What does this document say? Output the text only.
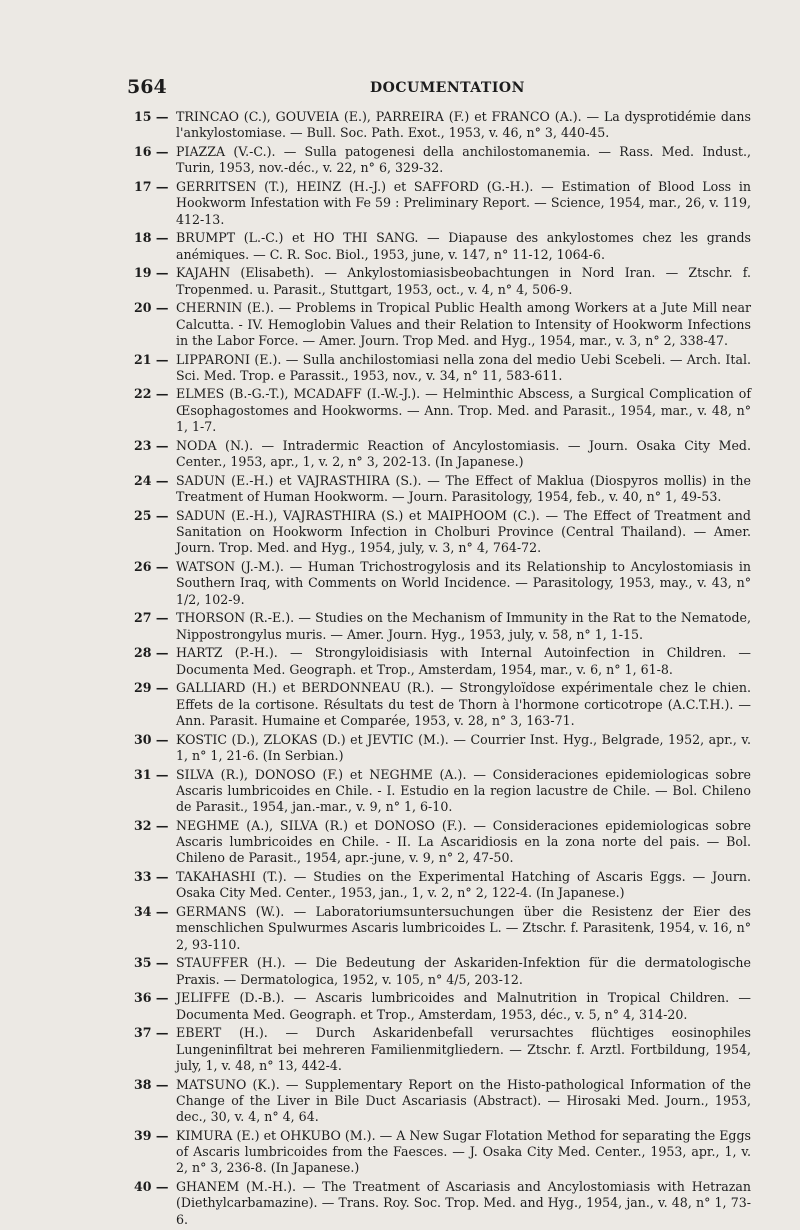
564	DOCUMENTATION
15 — TRINCAO (C.), GOUVEIA (E.), PARREIRA (F.) et FRANCO (A.). — La dysprotidémie dans l'ankylostomiase. — Bull. Soc. Path. Exot., 1953, v. 46, n° 3, 440-45.
16 — PIAZZA (V.-C.). — Sulla patogenesi della anchilostomanemia. — Rass. Med. Indust., Turin, 1953, nov.-déc., v. 22, n° 6, 329-32.
17 — GERRITSEN (T.), HEINZ (H.-J.) et SAFFORD (G.-H.). — Estimation of Blood Loss in Hookworm Infestation with Fe 59 : Preliminary Report. — Science, 1954, mar., 26, v. 119, 412-13.
18 — BRUMPT (L.-C.) et HO THI SANG. — Diapause des ankylostomes chez les grands anémiques. — C. R. Soc. Biol., 1953, june, v. 147, n° 11-12, 1064-6.
19 — KAJAHN (Elisabeth). — Ankylostomiasisbeobachtungen in Nord Iran. — Ztschr. f. Tropenmed. u. Parasit., Stuttgart, 1953, oct., v. 4, n° 4, 506-9.
20 — CHERNIN (E.). — Problems in Tropical Public Health among Workers at a Jute Mill near Calcutta. - IV. Hemoglobin Values and their Relation to Intensity of Hookworm Infections in the Labor Force. — Amer. Journ. Trop Med. and Hyg., 1954, mar., v. 3, n° 2, 338-47.
21 — LIPPARONI (E.). — Sulla anchilostomiasi nella zona del medio Uebi Scebeli. — Arch. Ital. Sci. Med. Trop. e Parassit., 1953, nov., v. 34, n° 11, 583-611.
22 — ELMES (B.-G.-T.), MCADAFF (I.-W.-J.). — Helminthic Abscess, a Surgical Complication of Œsophagostomes and Hookworms. — Ann. Trop. Med. and Parasit., 1954, mar., v. 48, n° 1, 1-7.
23 — NODA (N.). — Intradermic Reaction of Ancylostomiasis. — Journ. Osaka City Med. Center., 1953, apr., 1, v. 2, n° 3, 202-13. (In Japanese.)
24 — SADUN (E.-H.) et VAJRASTHIRA (S.). — The Effect of Maklua (Diospyros mollis) in the Treatment of Human Hookworm. — Journ. Parasitology, 1954, feb., v. 40, n° 1, 49-53.
25 — SADUN (E.-H.), VAJRASTHIRA (S.) et MAIPHOOM (C.). — The Effect of Treatment and Sanitation on Hookworm Infection in Cholburi Province (Central Thailand). — Amer. Journ. Trop. Med. and Hyg., 1954, july, v. 3, n° 4, 764-72.
26 — WATSON (J.-M.). — Human Trichostrogylosis and its Relationship to Ancylostomiasis in Southern Iraq, with Comments on World Incidence. — Parasitology, 1953, may., v. 43, n° 1/2, 102-9.
27 — THORSON (R.-E.). — Studies on the Mechanism of Immunity in the Rat to the Nematode, Nippostrongylus muris. — Amer. Journ. Hyg., 1953, july, v. 58, n° 1, 1-15.
28 — HARTZ (P.-H.). — Strongyloidisiasis with Internal Autoinfection in Children. — Documenta Med. Geograph. et Trop., Amsterdam, 1954, mar., v. 6, n° 1, 61-8.
29 — GALLIARD (H.) et BERDONNEAU (R.). — Strongyloïdose expérimentale chez le chien. Effets de la cortisone. Résultats du test de Thorn à l'hormone corticotrope (A.C.T.H.). — Ann. Parasit. Humaine et Comparée, 1953, v. 28, n° 3, 163-71.
30 — KOSTIC (D.), ZLOKAS (D.) et JEVTIC (M.). — Courrier Inst. Hyg., Belgrade, 1952, apr., v. 1, n° 1, 21-6. (In Serbian.)
31 — SILVA (R.), DONOSO (F.) et NEGHME (A.). — Consideraciones epidemiologicas sobre Ascaris lumbricoides en Chile. - I. Estudio en la region lacustre de Chile. — Bol. Chileno de Parasit., 1954, jan.-mar., v. 9, n° 1, 6-10.
32 — NEGHME (A.), SILVA (R.) et DONOSO (F.). — Consideraciones epidemiologicas sobre Ascaris lumbricoides en Chile. - II. La Ascaridiosis en la zona norte del pais. — Bol. Chileno de Parasit., 1954, apr.-june, v. 9, n° 2, 47-50.
33 — TAKAHASHI (T.). — Studies on the Experimental Hatching of Ascaris Eggs. — Journ. Osaka City Med. Center., 1953, jan., 1, v. 2, n° 2, 122-4. (In Japanese.)
34 — GERMANS (W.). — Laboratoriumsuntersuchungen über die Resistenz der Eier des menschlichen Spulwurmes Ascaris lumbricoides L. — Ztschr. f. Parasitenk, 1954, v. 16, n° 2, 93-110.
35 — STAUFFER (H.). — Die Bedeutung der Askariden-Infektion für die dermatologische Praxis. — Dermatologica, 1952, v. 105, n° 4/5, 203-12.
36 — JELIFFE (D.-B.). — Ascaris lumbricoides and Malnutrition in Tropical Children. — Documenta Med. Geograph. et Trop., Amsterdam, 1953, déc., v. 5, n° 4, 314-20.
37 — EBERT (H.). — Durch Askaridenbefall verursachtes flüchtiges eosinophiles Lungeninfiltrat bei mehreren Familienmitgliedern. — Ztschr. f. Arztl. Fortbildung, 1954, july, 1, v. 48, n° 13, 442-4.
38 — MATSUNO (K.). — Supplementary Report on the Histo-pathological Information of the Change of the Liver in Bile Duct Ascariasis (Abstract). — Hirosaki Med. Journ., 1953, dec., 30, v. 4, n° 4, 64.
39 — KIMURA (E.) et OHKUBO (M.). — A New Sugar Flotation Method for separating the Eggs of Ascaris lumbricoides from the Faesces. — J. Osaka City Med. Center., 1953, apr., 1, v. 2, n° 3, 236-8. (In Japanese.)
40 — GHANEM (M.-H.). — The Treatment of Ascariasis and Ancylostomiasis with Hetrazan (Diethylcarbamazine). — Trans. Roy. Soc. Trop. Med. and Hyg., 1954, jan., v. 48, n° 1, 73-6.
